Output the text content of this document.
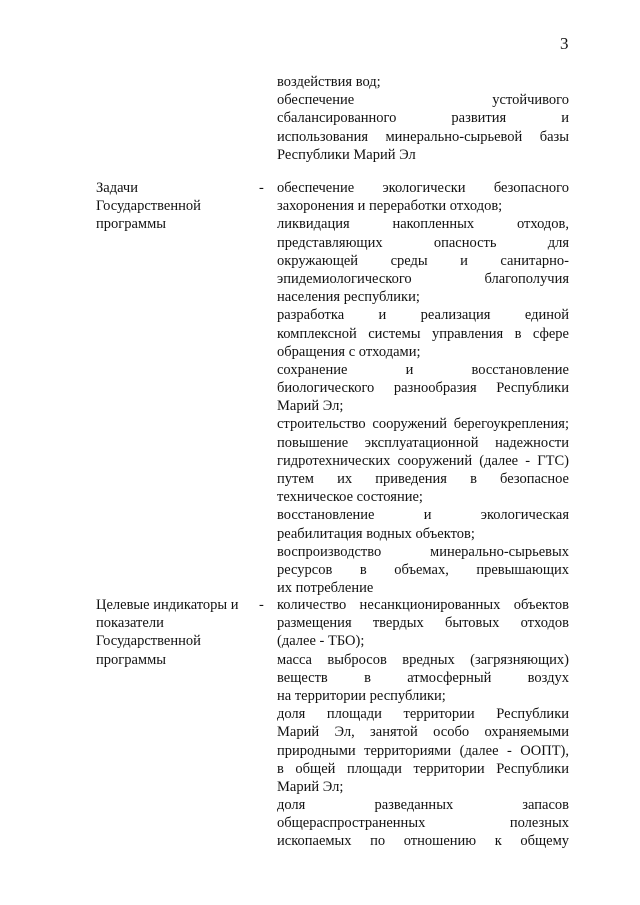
3
воздействия вод;
обеспечение устойчивого
сбалансированного развития и
использования минерально-сырьевой базы
Республики Марий Эл
Задачи
Государственной
программы
- обеспечение экологически безопасного
захоронения и переработки отходов;
ликвидация накопленных отходов,
представляющих опасность для
окружающей среды и санитарно-
эпидемиологического благополучия
населения республики;
разработка и реализация единой
комплексной системы управления в сфере
обращения с отходами;
сохранение и восстановление
биологического разнообразия Республики
Марий Эл;
строительство сооружений берегоукрепления;
повышение эксплуатационной надежности
гидротехнических сооружений (далее - ГТС)
путем их приведения в безопасное
техническое состояние;
восстановление и экологическая
реабилитация водных объектов;
воспроизводство минерально-сырьевых
ресурсов в объемах, превышающих
их потребление
Целевые индикаторы и
показатели
Государственной
программы
- количество несанкционированных объектов
размещения твердых бытовых отходов
(далее - ТБО);
масса выбросов вредных (загрязняющих)
веществ в атмосферный воздух
на территории республики;
доля площади территории Республики
Марий Эл, занятой особо охраняемыми
природными территориями (далее - ООПТ),
в общей площади территории Республики
Марий Эл;
доля разведанных запасов
общераспространенных полезных
ископаемых по отношению к общему
